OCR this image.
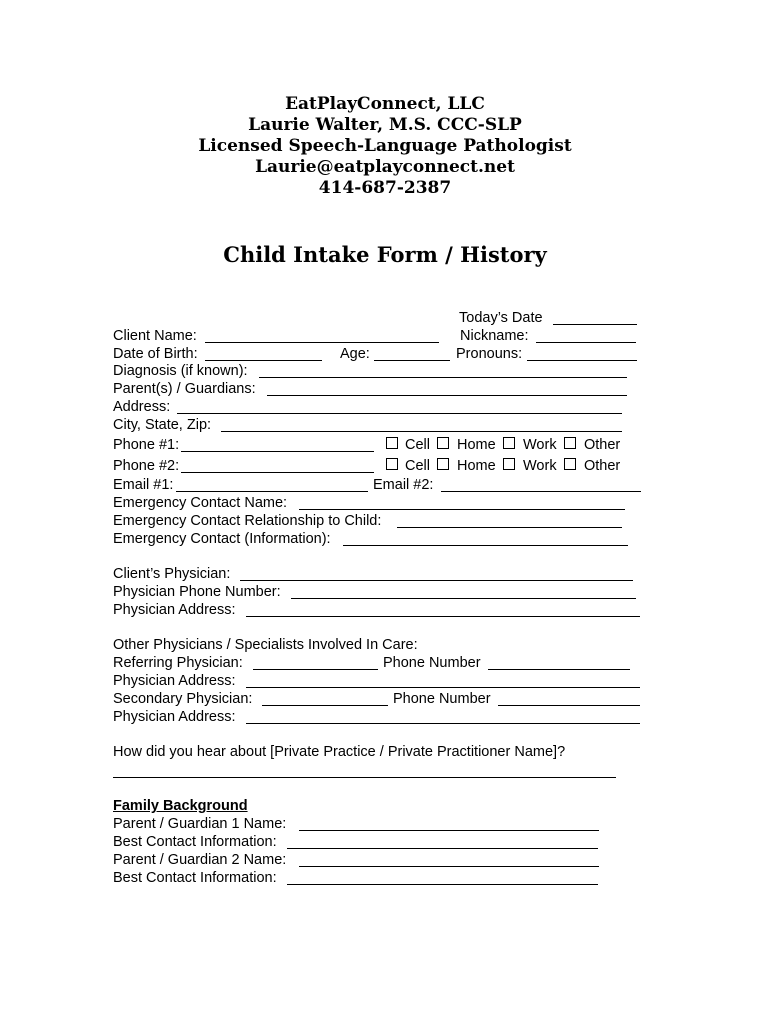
EatPlayConnect, LLC
Laurie Walter, M.S. CCC-SLP
Licensed Speech-Language Pathologist
Laurie@eatplayconnect.net
414-687-2387
Child Intake Form / History
Today’s Date
Client Name:	Nickname:
Date of Birth:	Age:	Pronouns:
Diagnosis (if known):
Parent(s) / Guardians:
Address:
City, State, Zip:
Phone #1:	Cell Home Work Other
Phone #2:	Cell Home Work Other
Email #1:	Email #2:
Emergency Contact Name:
Emergency Contact Relationship to Child:
Emergency Contact (Information):
Client’s Physician:
Physician Phone Number:
Physician Address:
Other Physicians / Specialists Involved In Care:
Referring Physician:	Phone Number
Physician Address:
Secondary Physician:	Phone Number
Physician Address:
How did you hear about [Private Practice / Private Practitioner Name]?
Family Background
Parent / Guardian 1 Name:
Best Contact Information:
Parent / Guardian 2 Name:
Best Contact Information:
